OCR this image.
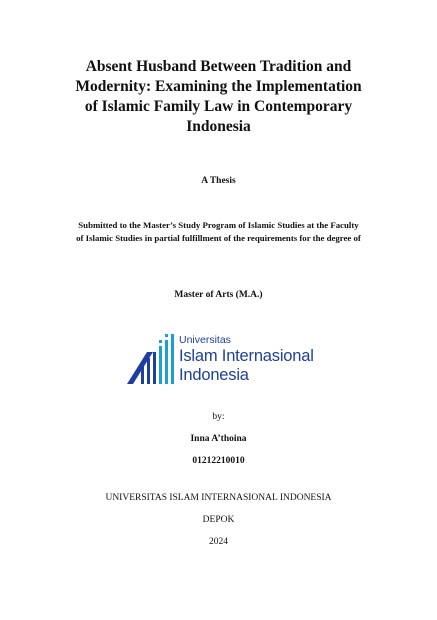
Absent Husband Between Tradition and Modernity: Examining the Implementation of Islamic Family Law in Contemporary Indonesia
A Thesis
Submitted to the Master’s Study Program of Islamic Studies at the Faculty of Islamic Studies in partial fulfillment of the requirements for the degree of
Master of Arts (M.A.)
Universitas
Islam Internasional
Indonesia
by:
Inna A’thoina
01212210010
UNIVERSITAS ISLAM INTERNASIONAL INDONESIA
DEPOK
2024
